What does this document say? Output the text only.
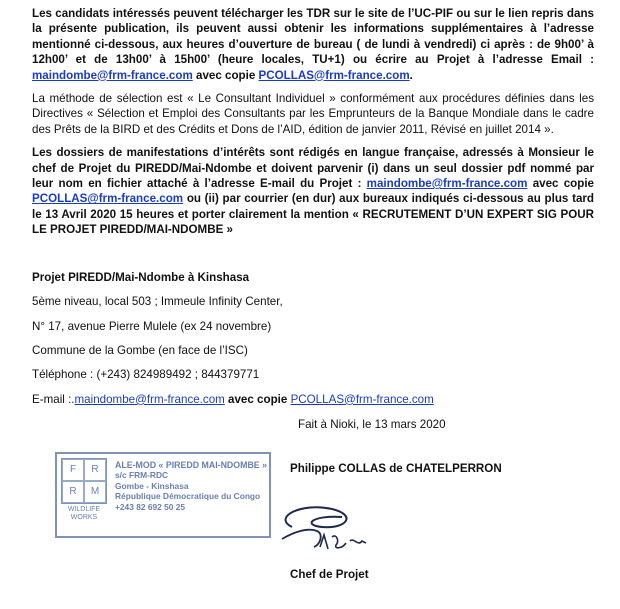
Les candidats intéressés peuvent télécharger les TDR sur le site de l’UC-PIF ou sur le lien repris dans la présente publication, ils peuvent aussi obtenir les informations supplémentaires à l’adresse mentionné ci-dessous, aux heures d’ouverture de bureau ( de lundi à vendredi) ci après : de 9h00’ à 12h00’ et de 13h00’ à 15h00’ (heure locales, TU+1) ou écrire au Projet à l’adresse Email : maindombe@frm-france.com avec copie PCOLLAS@frm-france.com.

La méthode de sélection est « Le Consultant Individuel » conformément aux procédures définies dans les Directives « Sélection et Emploi des Consultants par les Emprunteurs de la Banque Mondiale dans le cadre des Prêts de la BIRD et des Crédits et Dons de l’AID, édition de janvier 2011, Révisé en juillet 2014 ».

Les dossiers de manifestations d’intérêts sont rédigés en langue française, adressés à Monsieur le chef de Projet du PIREDD/Mai-Ndombe et doivent parvenir (i) dans un seul dossier pdf nommé par leur nom en fichier attaché à l’adresse E-mail du Projet : maindombe@frm-france.com avec copie PCOLLAS@frm-france.com ou (ii) par courrier (en dur) aux bureaux indiqués ci-dessous au plus tard le 13 Avril 2020 15 heures et porter clairement la mention « RECRUTEMENT D’UN EXPERT SIG POUR LE PROJET PIREDD/MAI-NDOMBE »

Projet PIREDD/Mai-Ndombe à Kinshasa

5ème niveau, local 503 ; Immeule Infinity Center,

N° 17, avenue Pierre Mulele (ex 24 novembre)

Commune de la Gombe (en face de l’ISC)

Téléphone : (+243) 824989492 ; 844379771

E-mail :.maindombe@frm-france.com avec copie PCOLLAS@frm-france.com

Fait à Nioki, le 13 mars 2020
Philippe COLLAS de CHATELPERRON
F	R
R	M
WILDLIFE WORKS
ALE-MOD « PIREDD MAI-NDOMBE »
s/c FRM-RDC
Gombe - Kinshasa
République Démocratique du Congo
+243 82 692 50 25
Chef de Projet
